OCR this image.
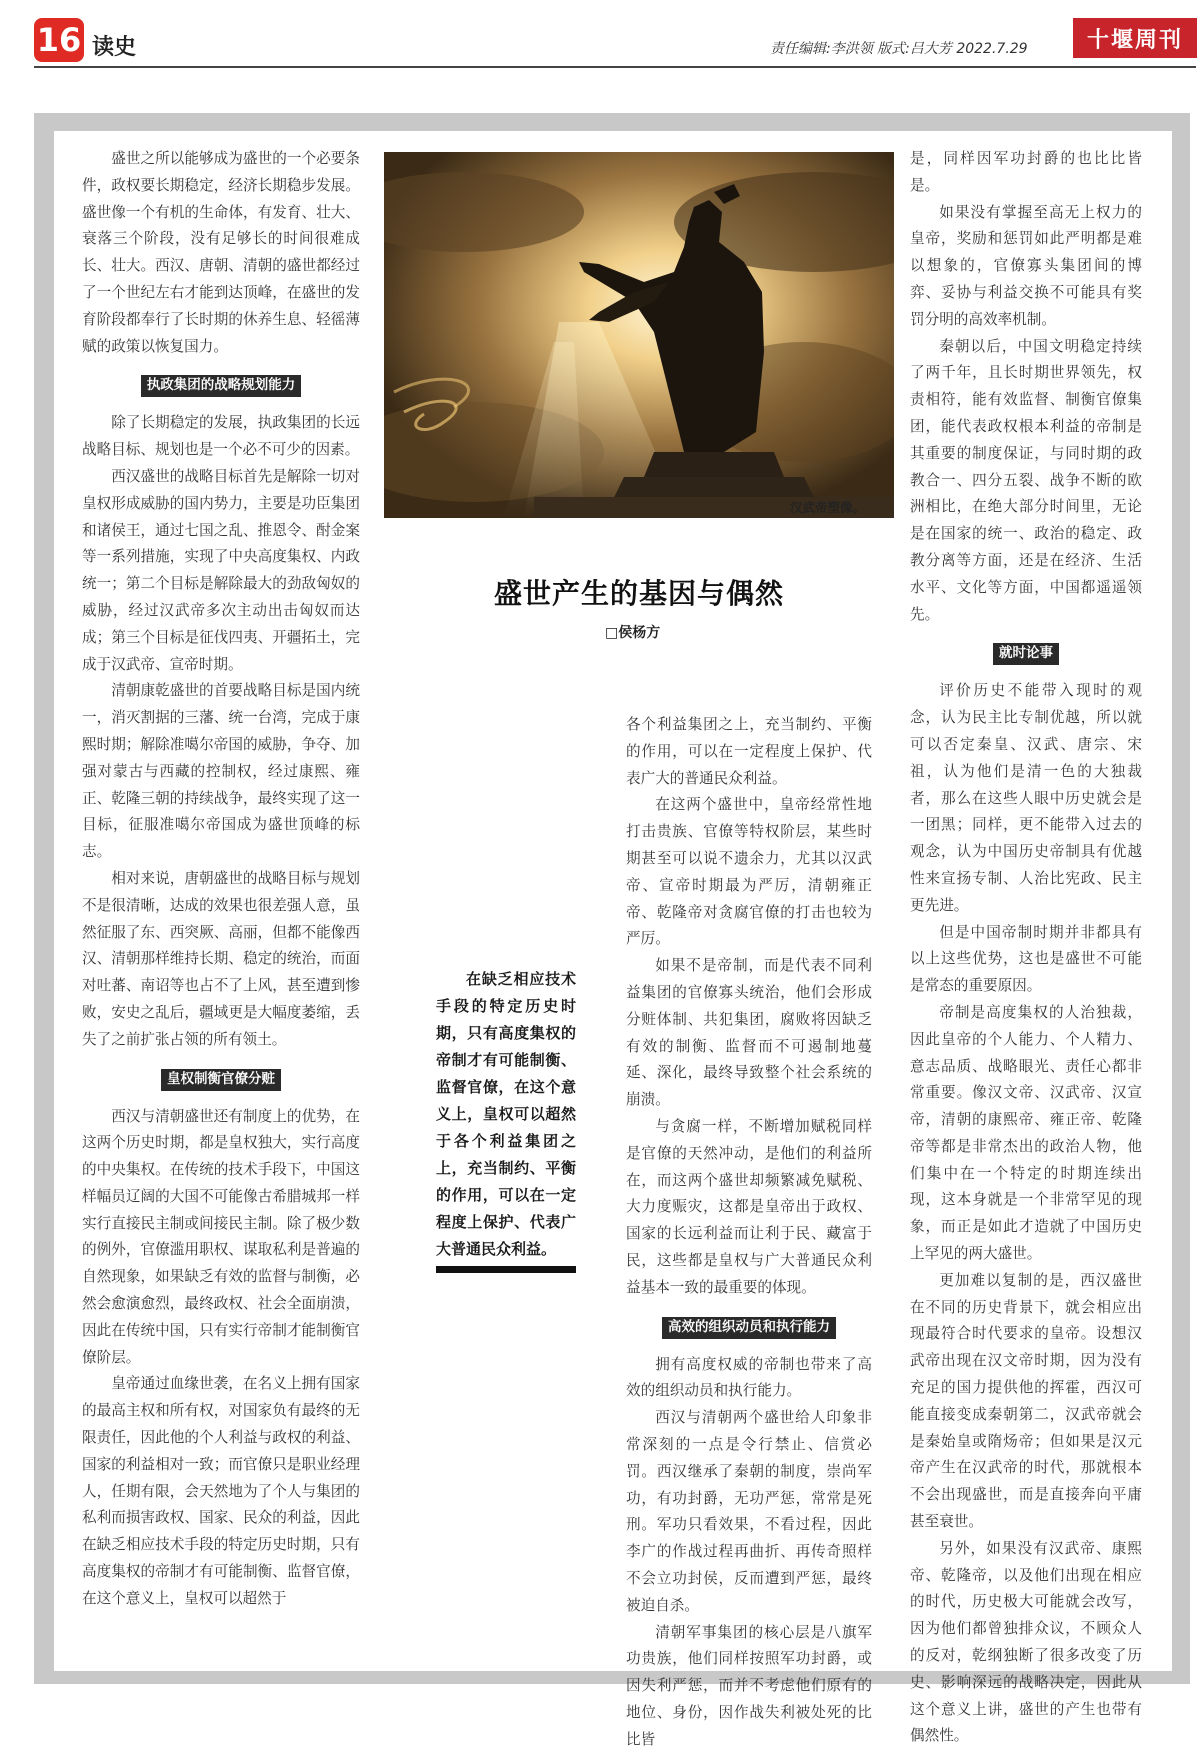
16 读史	责任编辑:李洪领 版式:吕大芳 2022.7.29	十堰周刊

盛世之所以能够成为盛世的一个必要条件，政权要长期稳定，经济长期稳步发展。盛世像一个有机的生命体，有发育、壮大、衰落三个阶段，没有足够长的时间很难成长、壮大。西汉、唐朝、清朝的盛世都经过了一个世纪左右才能到达顶峰，在盛世的发育阶段都奉行了长时期的休养生息、轻徭薄赋的政策以恢复国力。

执政集团的战略规划能力

除了长期稳定的发展，执政集团的长远战略目标、规划也是一个必不可少的因素。

西汉盛世的战略目标首先是解除一切对皇权形成威胁的国内势力，主要是功臣集团和诸侯王，通过七国之乱、推恩令、酎金案等一系列措施，实现了中央高度集权、内政统一；第二个目标是解除最大的劲敌匈奴的威胁，经过汉武帝多次主动出击匈奴而达成；第三个目标是征伐四夷、开疆拓土，完成于汉武帝、宣帝时期。

清朝康乾盛世的首要战略目标是国内统一，消灭割据的三藩、统一台湾，完成于康熙时期；解除准噶尔帝国的威胁，争夺、加强对蒙古与西藏的控制权，经过康熙、雍正、乾隆三朝的持续战争，最终实现了这一目标，征服准噶尔帝国成为盛世顶峰的标志。

相对来说，唐朝盛世的战略目标与规划不是很清晰，达成的效果也很差强人意，虽然征服了东、西突厥、高丽，但都不能像西汉、清朝那样维持长期、稳定的统治，而面对吐蕃、南诏等也占不了上风，甚至遭到惨败，安史之乱后，疆域更是大幅度萎缩，丢失了之前扩张占领的所有领土。

皇权制衡官僚分赃

西汉与清朝盛世还有制度上的优势，在这两个历史时期，都是皇权独大，实行高度的中央集权。在传统的技术手段下，中国这样幅员辽阔的大国不可能像古希腊城邦一样实行直接民主制或间接民主制。除了极少数的例外，官僚滥用职权、谋取私利是普遍的自然现象，如果缺乏有效的监督与制衡，必然会愈演愈烈，最终政权、社会全面崩溃，因此在传统中国，只有实行帝制才能制衡官僚阶层。

皇帝通过血缘世袭，在名义上拥有国家的最高主权和所有权，对国家负有最终的无限责任，因此他的个人利益与政权的利益、国家的利益相对一致；而官僚只是职业经理人，任期有限，会天然地为了个人与集团的私利而损害政权、国家、民众的利益，因此在缺乏相应技术手段的特定历史时期，只有高度集权的帝制才有可能制衡、监督官僚，在这个意义上，皇权可以超然于

汉武帝塑像。
盛世产生的基因与偶然
□侯杨方

在缺乏相应技术手段的特定历史时期，只有高度集权的帝制才有可能制衡、监督官僚，在这个意义上，皇权可以超然于各个利益集团之上，充当制约、平衡的作用，可以在一定程度上保护、代表广大普通民众利益。

各个利益集团之上，充当制约、平衡的作用，可以在一定程度上保护、代表广大的普通民众利益。

在这两个盛世中，皇帝经常性地打击贵族、官僚等特权阶层，某些时期甚至可以说不遗余力，尤其以汉武帝、宣帝时期最为严厉，清朝雍正帝、乾隆帝对贪腐官僚的打击也较为严厉。

如果不是帝制，而是代表不同利益集团的官僚寡头统治，他们会形成分赃体制、共犯集团，腐败将因缺乏有效的制衡、监督而不可遏制地蔓延、深化，最终导致整个社会系统的崩溃。

与贪腐一样，不断增加赋税同样是官僚的天然冲动，是他们的利益所在，而这两个盛世却频繁减免赋税、大力度赈灾，这都是皇帝出于政权、国家的长远利益而让利于民、藏富于民，这些都是皇权与广大普通民众利益基本一致的最重要的体现。

高效的组织动员和执行能力

拥有高度权威的帝制也带来了高效的组织动员和执行能力。

西汉与清朝两个盛世给人印象非常深刻的一点是令行禁止、信赏必罚。西汉继承了秦朝的制度，崇尚军功，有功封爵，无功严惩，常常是死刑。军功只看效果，不看过程，因此李广的作战过程再曲折、再传奇照样不会立功封侯，反而遭到严惩，最终被迫自杀。

清朝军事集团的核心层是八旗军功贵族，他们同样按照军功封爵，或因失利严惩，而并不考虑他们原有的地位、身份，因作战失利被处死的比比皆

是，同样因军功封爵的也比比皆是。

如果没有掌握至高无上权力的皇帝，奖励和惩罚如此严明都是难以想象的，官僚寡头集团间的博弈、妥协与利益交换不可能具有奖罚分明的高效率机制。

秦朝以后，中国文明稳定持续了两千年，且长时期世界领先，权责相符，能有效监督、制衡官僚集团，能代表政权根本利益的帝制是其重要的制度保证，与同时期的政教合一、四分五裂、战争不断的欧洲相比，在绝大部分时间里，无论是在国家的统一、政治的稳定、政教分离等方面，还是在经济、生活水平、文化等方面，中国都遥遥领先。

就时论事

评价历史不能带入现时的观念，认为民主比专制优越，所以就可以否定秦皇、汉武、唐宗、宋祖，认为他们是清一色的大独裁者，那么在这些人眼中历史就会是一团黑；同样，更不能带入过去的观念，认为中国历史帝制具有优越性来宣扬专制、人治比宪政、民主更先进。

但是中国帝制时期并非都具有以上这些优势，这也是盛世不可能是常态的重要原因。

帝制是高度集权的人治独裁，因此皇帝的个人能力、个人精力、意志品质、战略眼光、责任心都非常重要。像汉文帝、汉武帝、汉宣帝，清朝的康熙帝、雍正帝、乾隆帝等都是非常杰出的政治人物，他们集中在一个特定的时期连续出现，这本身就是一个非常罕见的现象，而正是如此才造就了中国历史上罕见的两大盛世。

更加难以复制的是，西汉盛世在不同的历史背景下，就会相应出现最符合时代要求的皇帝。设想汉武帝出现在汉文帝时期，因为没有充足的国力提供他的挥霍，西汉可能直接变成秦朝第二，汉武帝就会是秦始皇或隋炀帝；但如果是汉元帝产生在汉武帝的时代，那就根本不会出现盛世，而是直接奔向平庸甚至衰世。

另外，如果没有汉武帝、康熙帝、乾隆帝，以及他们出现在相应的时代，历史极大可能就会改写，因为他们都曾独排众议，不顾众人的反对，乾纲独断了很多改变了历史、影响深远的战略决定，因此从这个意义上讲，盛世的产生也带有偶然性。
